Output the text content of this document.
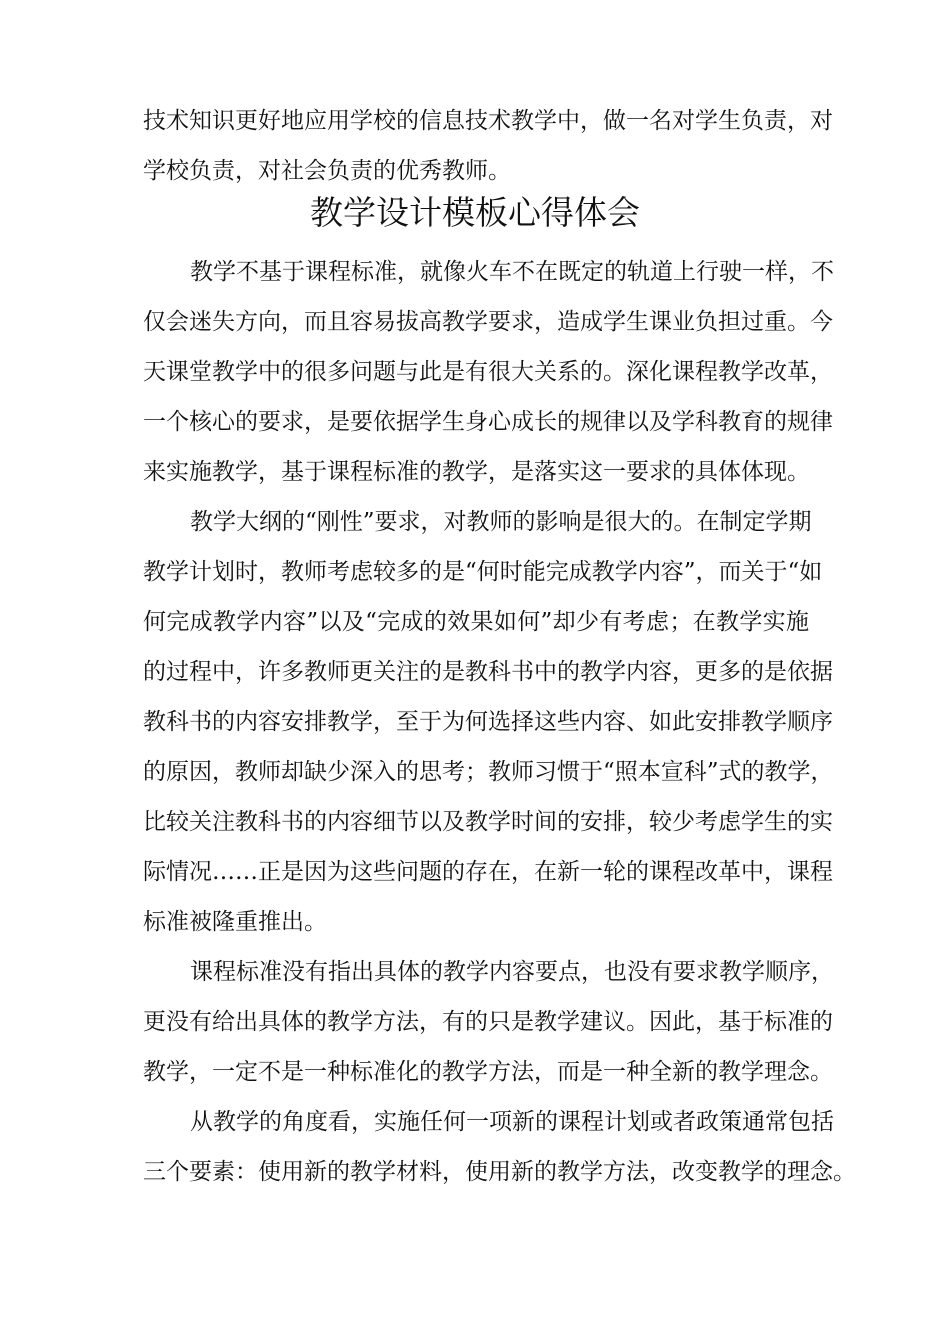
技术知识更好地应用学校的信息技术教学中，做一名对学生负责，对
学校负责，对社会负责的优秀教师。
教学设计模板心得体会
教学不基于课程标准，就像火车不在既定的轨道上行驶一样，不
仅会迷失方向，而且容易拔高教学要求，造成学生课业负担过重。今
天课堂教学中的很多问题与此是有很大关系的。深化课程教学改革，
一个核心的要求，是要依据学生身心成长的规律以及学科教育的规律
来实施教学，基于课程标准的教学，是落实这一要求的具体体现。
教学大纲的“刚性”要求，对教师的影响是很大的。在制定学期
教学计划时，教师考虑较多的是“何时能完成教学内容”，而关于“如
何完成教学内容”以及“完成的效果如何”却少有考虑；在教学实施
的过程中，许多教师更关注的是教科书中的教学内容，更多的是依据
教科书的内容安排教学，至于为何选择这些内容、如此安排教学顺序
的原因，教师却缺少深入的思考；教师习惯于“照本宣科”式的教学，
比较关注教科书的内容细节以及教学时间的安排，较少考虑学生的实
际情况……正是因为这些问题的存在，在新一轮的课程改革中，课程
标准被隆重推出。
课程标准没有指出具体的教学内容要点，也没有要求教学顺序，
更没有给出具体的教学方法，有的只是教学建议。因此，基于标准的
教学，一定不是一种标准化的教学方法，而是一种全新的教学理念。
从教学的角度看，实施任何一项新的课程计划或者政策通常包括
三个要素：使用新的教学材料，使用新的教学方法，改变教学的理念。
